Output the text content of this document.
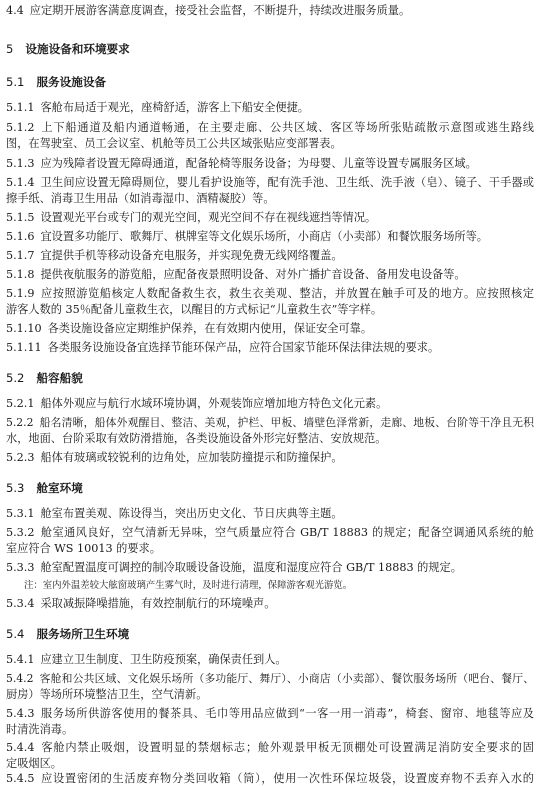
4.4 应定期开展游客满意度调查，接受社会监督，不断提升，持续改进服务质量。
5 设施设备和环境要求
5.1 服务设施设备
5.1.1 客舱布局适于观光，座椅舒适，游客上下船安全便捷。
5.1.2 上下船通道及船内通道畅通，在主要走廊、公共区域、客区等场所张贴疏散示意图或逃生路线
图，在驾驶室、员工会议室、机舱等员工公共区域张贴应变部署表。
5.1.3 应为残障者设置无障碍通道，配备轮椅等服务设备；为母婴、儿童等设置专属服务区域。
5.1.4 卫生间应设置无障碍厕位，婴儿看护设施等，配有洗手池、卫生纸、洗手液（皂）、镜子、干手器或
擦手纸、消毒卫生用品（如消毒湿巾、酒精凝胶）等。
5.1.5 设置观光平台或专门的观光空间，观光空间不存在视线遮挡等情况。
5.1.6 宜设置多功能厅、歌舞厅、棋牌室等文化娱乐场所，小商店（小卖部）和餐饮服务场所等。
5.1.7 宜提供手机等移动设备充电服务，并实现免费无线网络覆盖。
5.1.8 提供夜航服务的游览船，应配备夜景照明设备、对外广播扩音设备、备用发电设备等。
5.1.9 应按照游览船核定人数配备救生衣，救生衣美观、整洁，并放置在触手可及的地方。应按照核定
游客人数的 35％配备儿童救生衣，以醒目的方式标记“儿童救生衣”等字样。
5.1.10 各类设施设备应定期维护保养，在有效期内使用，保证安全可靠。
5.1.11 各类服务设施设备宜选择节能环保产品，应符合国家节能环保法律法规的要求。
5.2 船容船貌
5.2.1 船体外观应与航行水域环境协调，外观装饰应增加地方特色文化元素。
5.2.2 船名清晰，船体外观醒目、整洁、美观，护栏、甲板、墙壁色泽常新，走廊、地板、台阶等干净且无积
水，地面、台阶采取有效防滑措施，各类设施设备外形完好整洁、安放规范。
5.2.3 船体有玻璃或较锐利的边角处，应加装防撞提示和防撞保护。
5.3 舱室环境
5.3.1 舱室布置美观、陈设得当，突出历史文化、节日庆典等主题。
5.3.2 舱室通风良好，空气清新无异味，空气质量应符合 GB/T 18883 的规定；配备空调通风系统的舱
室应符合 WS 10013 的要求。
5.3.3 舱室配置温度可调控的制冷取暖设备设施，温度和湿度应符合 GB/T 18883 的规定。
注：室内外温差较大舷窗玻璃产生雾气时，及时进行清理，保障游客观光游览。
5.3.4 采取减振降噪措施，有效控制航行的环境噪声。
5.4 服务场所卫生环境
5.4.1 应建立卫生制度、卫生防疫预案，确保责任到人。
5.4.2 客舱和公共区域、文化娱乐场所（多功能厅、舞厅）、小商店（小卖部）、餐饮服务场所（吧台、餐厅、
厨房）等场所环境整洁卫生，空气清新。
5.4.3 服务场所供游客使用的餐茶具、毛巾等用品应做到“一客一用一消毒”，椅套、窗帘、地毯等应及
时清洗消毒。
5.4.4 客舱内禁止吸烟，设置明显的禁烟标志；舱外观景甲板无顶棚处可设置满足消防安全要求的固
定吸烟区。
5.4.5 应设置密闭的生活废弃物分类回收箱（筒），使用一次性环保垃圾袋，设置废弃物不丢弃入水的
